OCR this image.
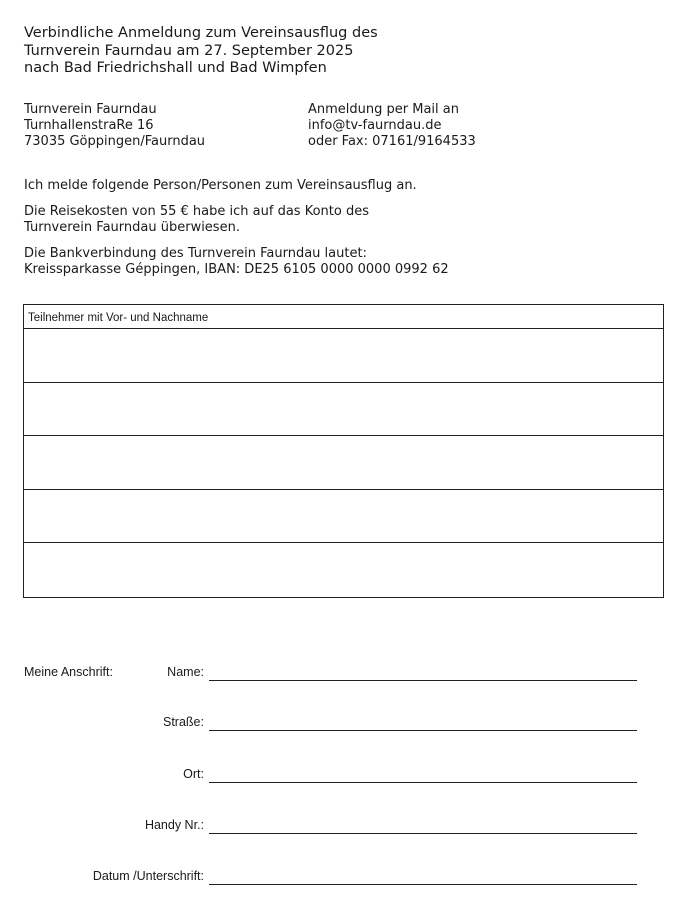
Verbindliche Anmeldung zum Vereinsausflug des
Turnverein Faurndau am 27. September 2025
nach Bad Friedrichshall und Bad Wimpfen
Turnverein Faurndau
TurnhallenstraRe 16
73035 Göppingen/Faurndau
Anmeldung per Mail an
info@tv-faurndau.de
oder Fax: 07161/9164533
Ich melde folgende Person/Personen zum Vereinsausflug an.
Die Reisekosten von 55 € habe ich auf das Konto des
Turnverein Faurndau überwiesen.
Die Bankverbindung des Turnverein Faurndau lautet:
Kreissparkasse Géppingen, IBAN: DE25 6105 0000 0000 0992 62
Teilnehmer mit Vor- und Nachname
Meine Anschrift:	Name:
Straße:
Ort:
Handy Nr.:
Datum /Unterschrift:
